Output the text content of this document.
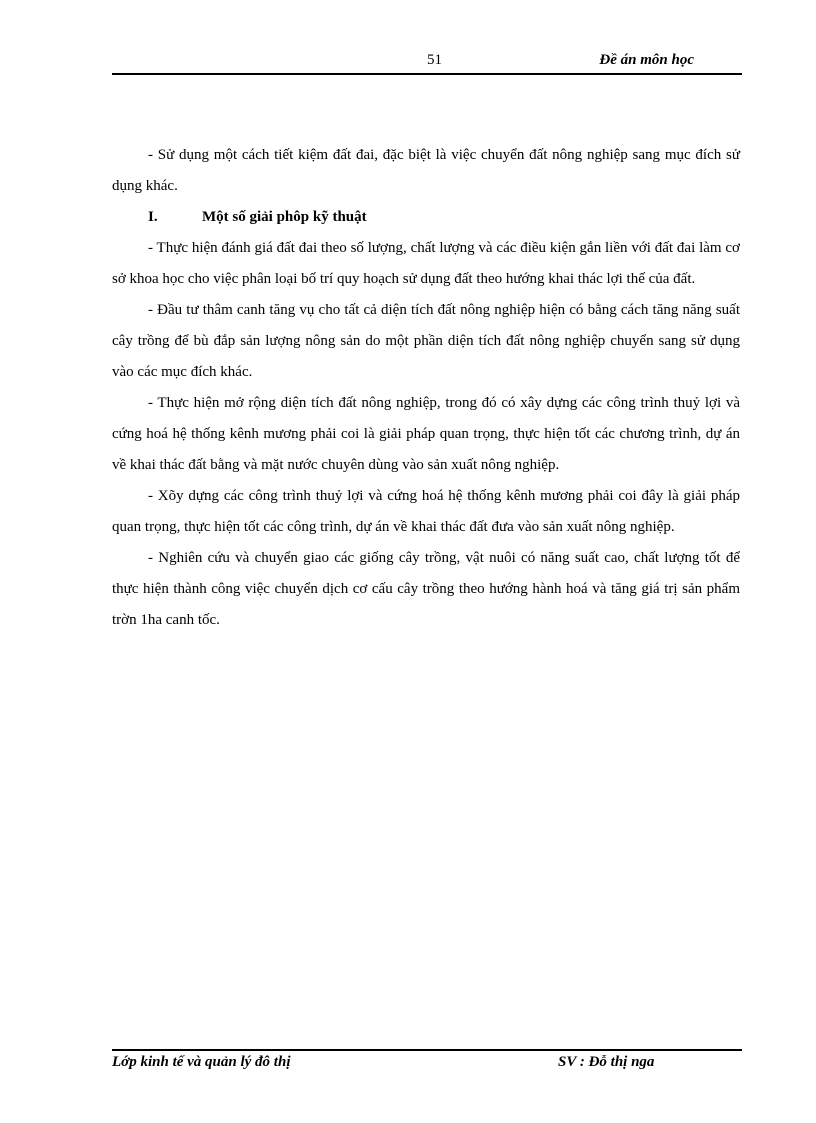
51	Đề án môn học

- Sử dụng một cách tiết kiệm đất đai, đặc biệt là việc chuyển đất nông nghiệp sang mục đích sử dụng khác.

I.	Một số giải phôp kỹ thuật

- Thực hiện đánh giá đất đai theo số lượng, chất lượng và các điều kiện gắn liền với đất đai làm cơ sở khoa học cho việc phân loại bố trí quy hoạch sử dụng đất theo hướng khai thác lợi thế của đất.

- Đầu tư thâm canh tăng vụ cho tất cả diện tích đất nông nghiệp hiện có bằng cách tăng năng suất cây trồng để bù đắp sản lượng nông sản do một phần diện tích đất nông nghiệp chuyển sang sử dụng vào các mục đích khác.

- Thực hiện mở rộng diện tích đất nông nghiệp, trong đó có xây dựng các công trình thuỷ lợi và cứng hoá hệ thống kênh mương phải coi là giải pháp quan trọng, thực hiện tốt các chương trình, dự án về khai thác đất bằng và mặt nước chuyên dùng vào sản xuất nông nghiệp.

- Xõy dựng các công trình thuỷ lợi và cứng hoá hệ thống kênh mương phải coi đây là giải pháp quan trọng, thực hiện tốt các công trình, dự án về khai thác đất đưa vào sản xuất nông nghiệp.

- Nghiên cứu và chuyển giao các giống cây trồng, vật nuôi có năng suất cao, chất lượng tốt để thực hiện thành công việc chuyển dịch cơ cấu cây trồng theo hướng hành hoá và tăng giá trị sản phẩm trờn 1ha canh tốc.

Lớp kinh tế và quản lý đô thị	SV : Đỗ thị nga
